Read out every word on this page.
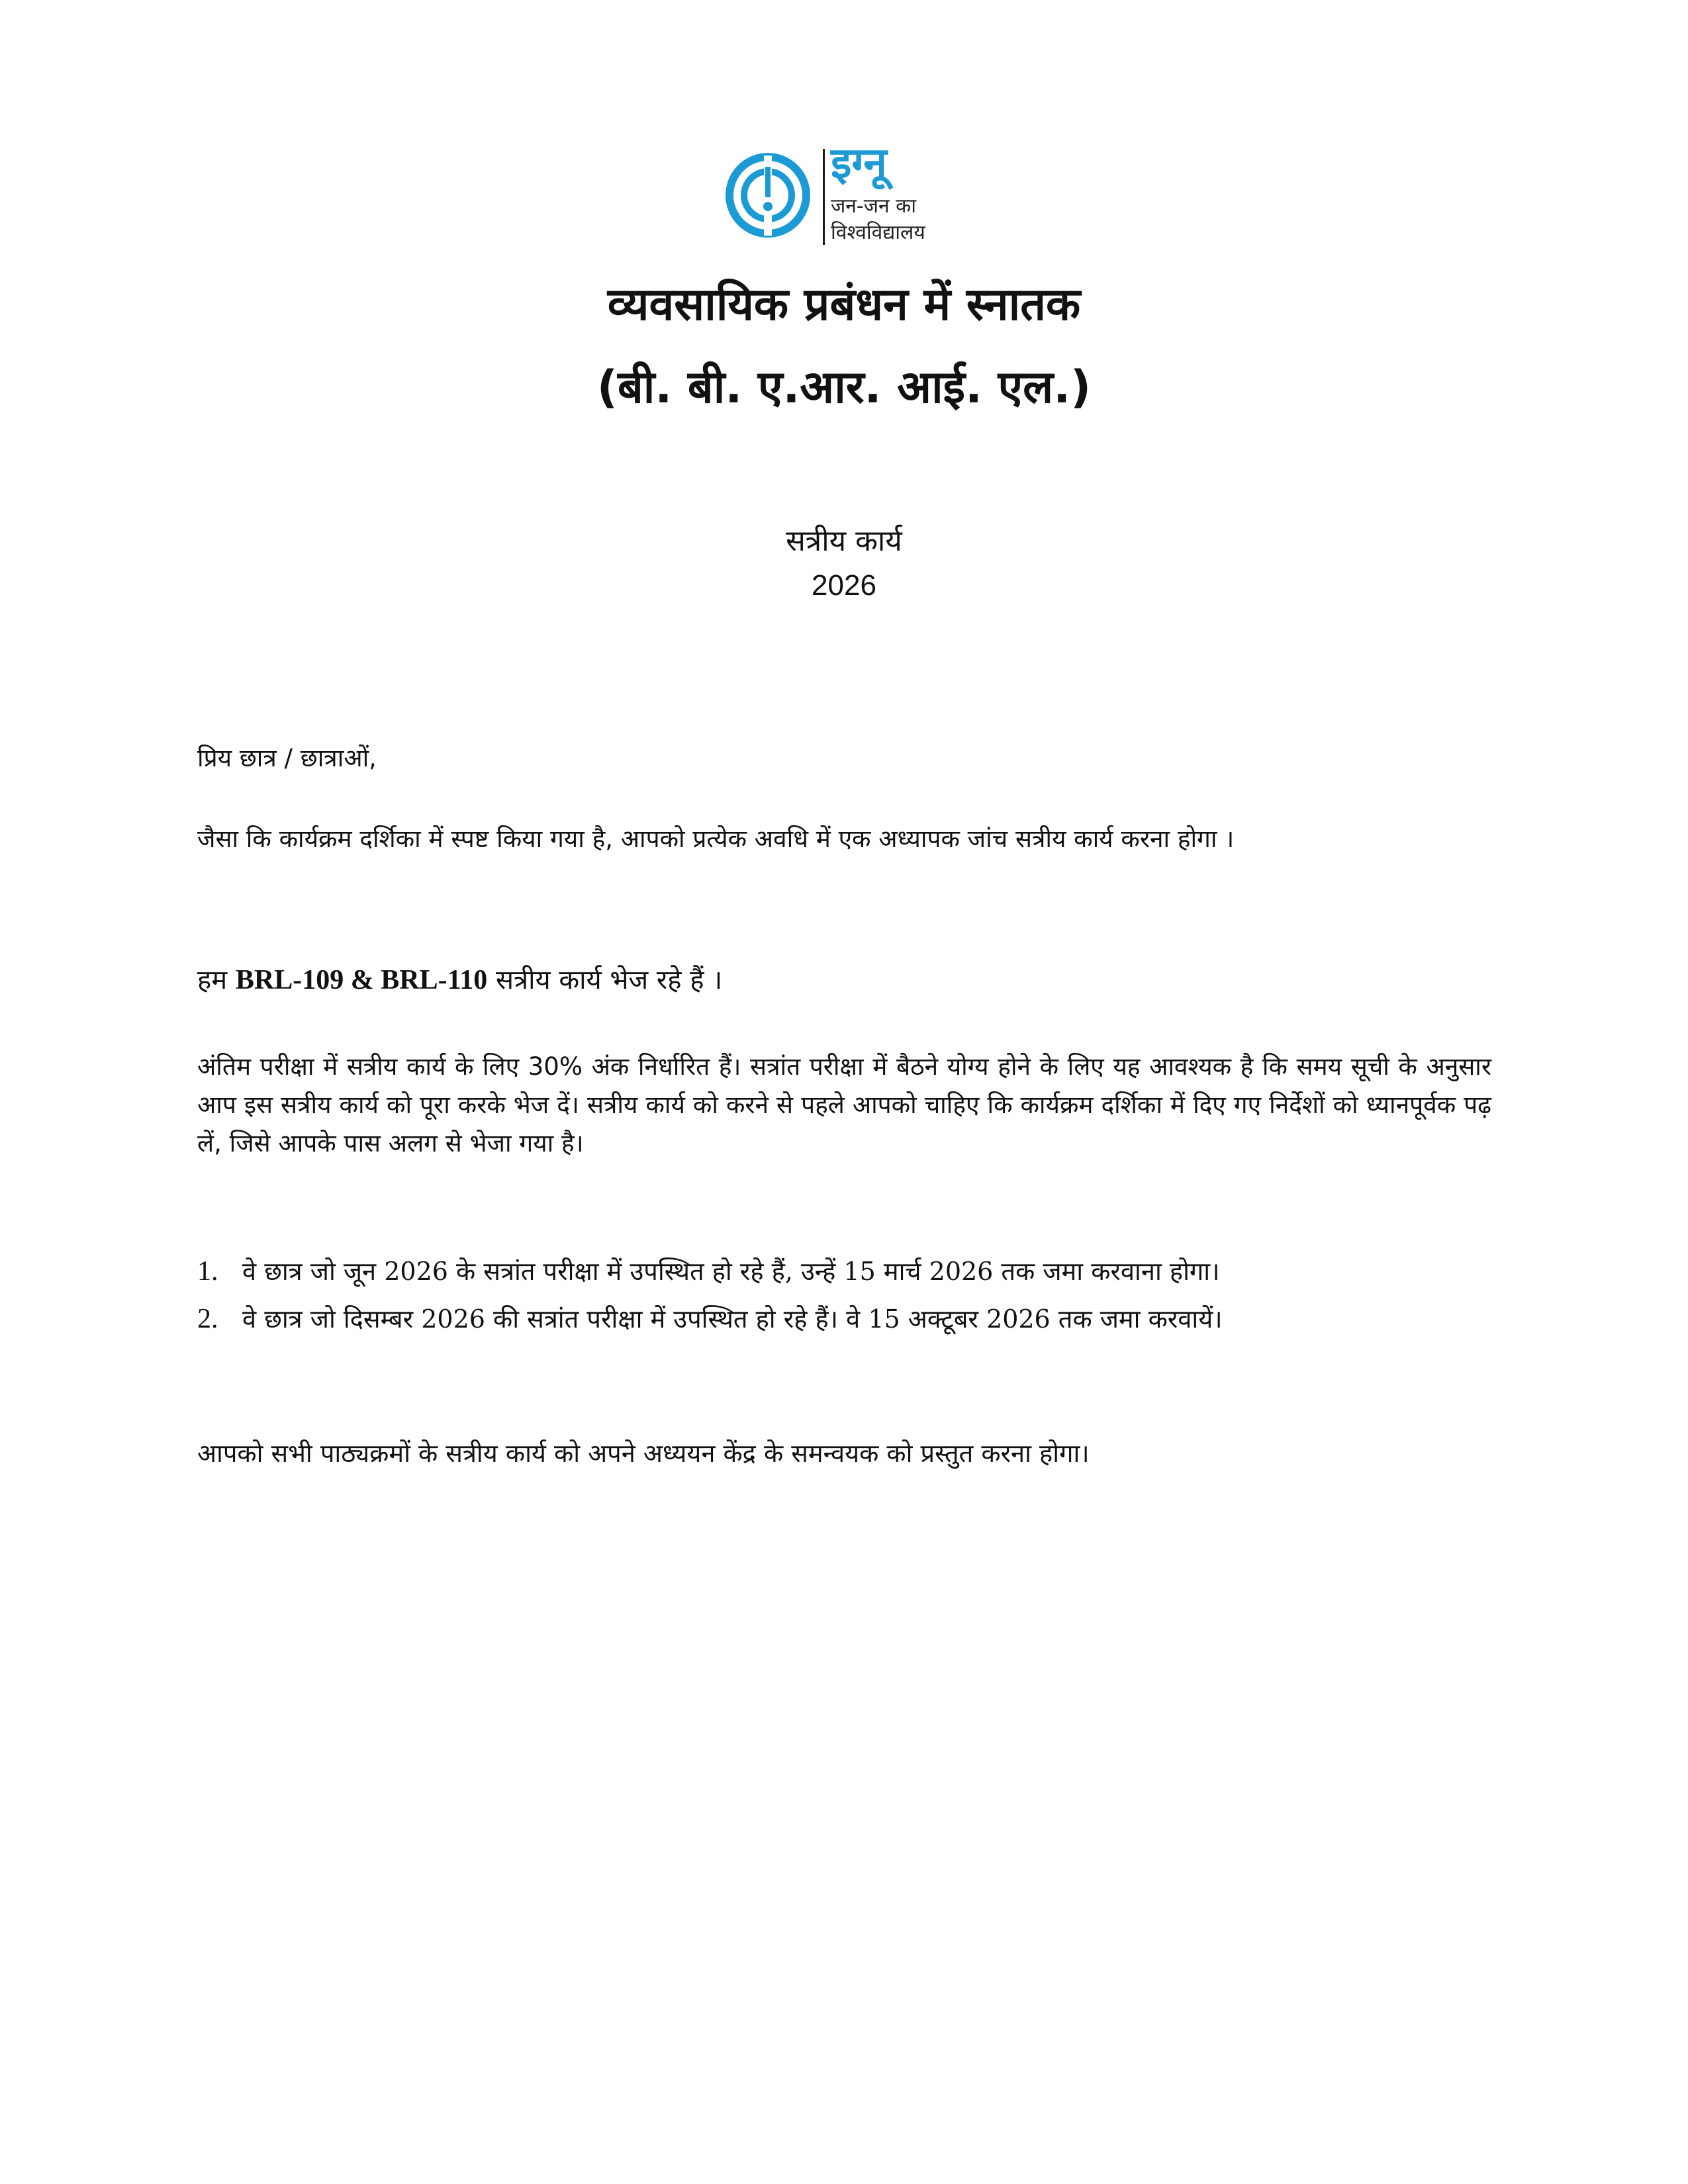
इग्नू
जन-जन का
विश्वविद्यालय
व्यवसायिक प्रबंधन में स्नातक
(बी. बी. ए.आर. आई. एल.)
सत्रीय कार्य
2026
प्रिय छात्र / छात्राओं,
जैसा कि कार्यक्रम दर्शिका में स्पष्ट किया गया है, आपको प्रत्येक अवधि में एक अध्यापक जांच सत्रीय कार्य करना होगा ।
हम BRL-109 & BRL-110 सत्रीय कार्य भेज रहे हैं ।
अंतिम परीक्षा में सत्रीय कार्य के लिए 30% अंक निर्धारित हैं। सत्रांत परीक्षा में बैठने योग्य होने के लिए यह आवश्यक है कि समय सूची के अनुसार आप इस सत्रीय कार्य को पूरा करके भेज दें। सत्रीय कार्य को करने से पहले आपको चाहिए कि कार्यक्रम दर्शिका में दिए गए निर्देशों को ध्यानपूर्वक पढ़ लें, जिसे आपके पास अलग से भेजा गया है।
1. वे छात्र जो जून 2026 के सत्रांत परीक्षा में उपस्थित हो रहे हैं, उन्हें 15 मार्च 2026 तक जमा करवाना होगा।
2. वे छात्र जो दिसम्बर 2026 की सत्रांत परीक्षा में उपस्थित हो रहे हैं। वे 15 अक्टूबर 2026 तक जमा करवायें।
आपको सभी पाठ्यक्रमों के सत्रीय कार्य को अपने अध्ययन केंद्र के समन्वयक को प्रस्तुत करना होगा।
